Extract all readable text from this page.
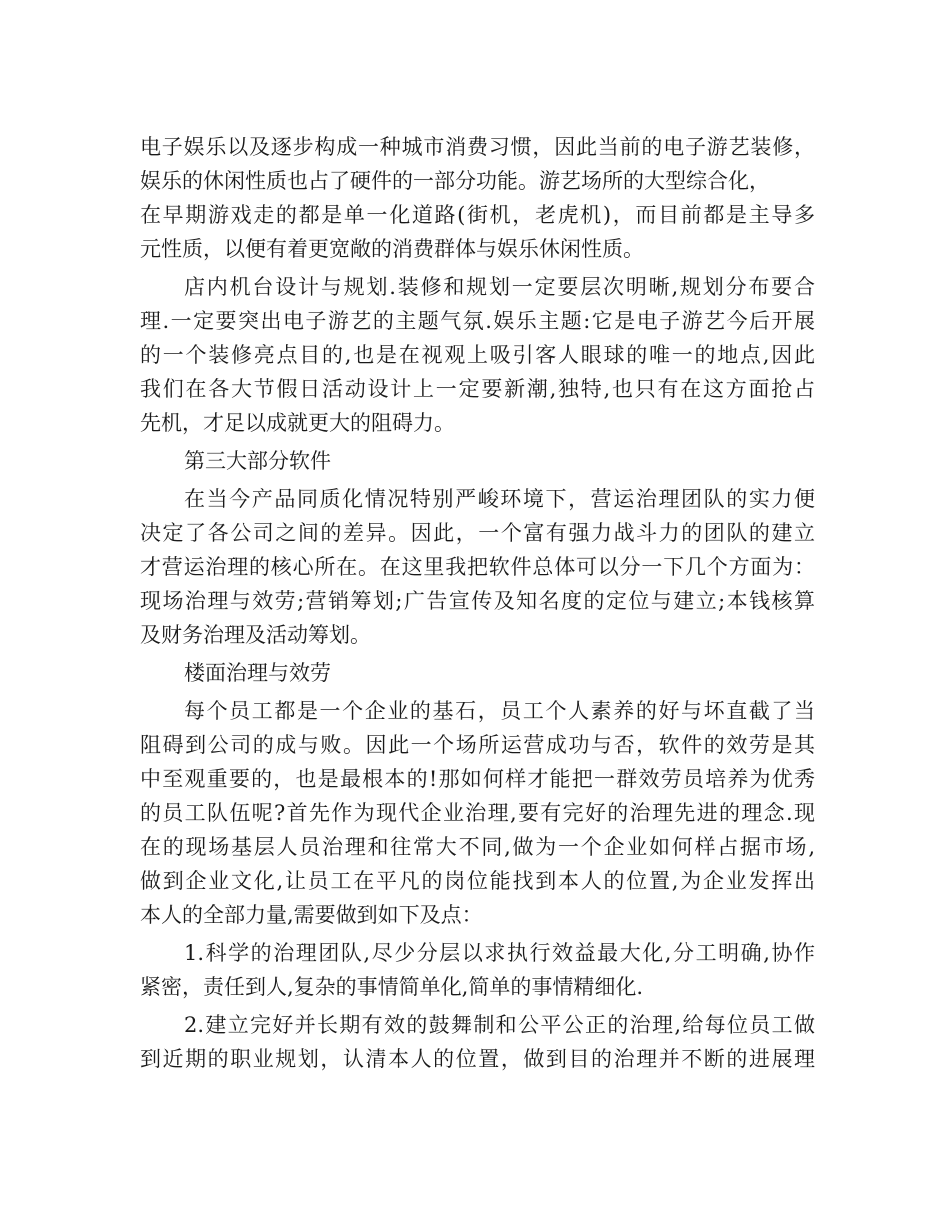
电子娱乐以及逐步构成一种城市消费习惯，因此当前的电子游艺装修，
娱乐的休闲性质也占了硬件的一部分功能。游艺场所的大型综合化，
在早期游戏走的都是单一化道路(街机，老虎机)，而目前都是主导多
元性质，以便有着更宽敞的消费群体与娱乐休闲性质。
店内机台设计与规划.装修和规划一定要层次明晰,规划分布要合
理.一定要突出电子游艺的主题气氛.娱乐主题:它是电子游艺今后开展
的一个装修亮点目的,也是在视观上吸引客人眼球的唯一的地点,因此
我们在各大节假日活动设计上一定要新潮,独特,也只有在这方面抢占
先机，才足以成就更大的阻碍力。
第三大部分软件
在当今产品同质化情况特别严峻环境下，营运治理团队的实力便
决定了各公司之间的差异。因此，一个富有强力战斗力的团队的建立
才营运治理的核心所在。在这里我把软件总体可以分一下几个方面为：
现场治理与效劳;营销筹划;广告宣传及知名度的定位与建立;本钱核算
及财务治理及活动筹划。
楼面治理与效劳
每个员工都是一个企业的基石，员工个人素养的好与坏直截了当
阻碍到公司的成与败。因此一个场所运营成功与否，软件的效劳是其
中至观重要的，也是最根本的!那如何样才能把一群效劳员培养为优秀
的员工队伍呢?首先作为现代企业治理,要有完好的治理先进的理念.现
在的现场基层人员治理和往常大不同,做为一个企业如何样占据市场,
做到企业文化,让员工在平凡的岗位能找到本人的位置,为企业发挥出
本人的全部力量,需要做到如下及点：
1.科学的治理团队,尽少分层以求执行效益最大化,分工明确,协作
紧密，责任到人,复杂的事情简单化,简单的事情精细化.
2.建立完好并长期有效的鼓舞制和公平公正的治理,给每位员工做
到近期的职业规划，认清本人的位置，做到目的治理并不断的进展理
